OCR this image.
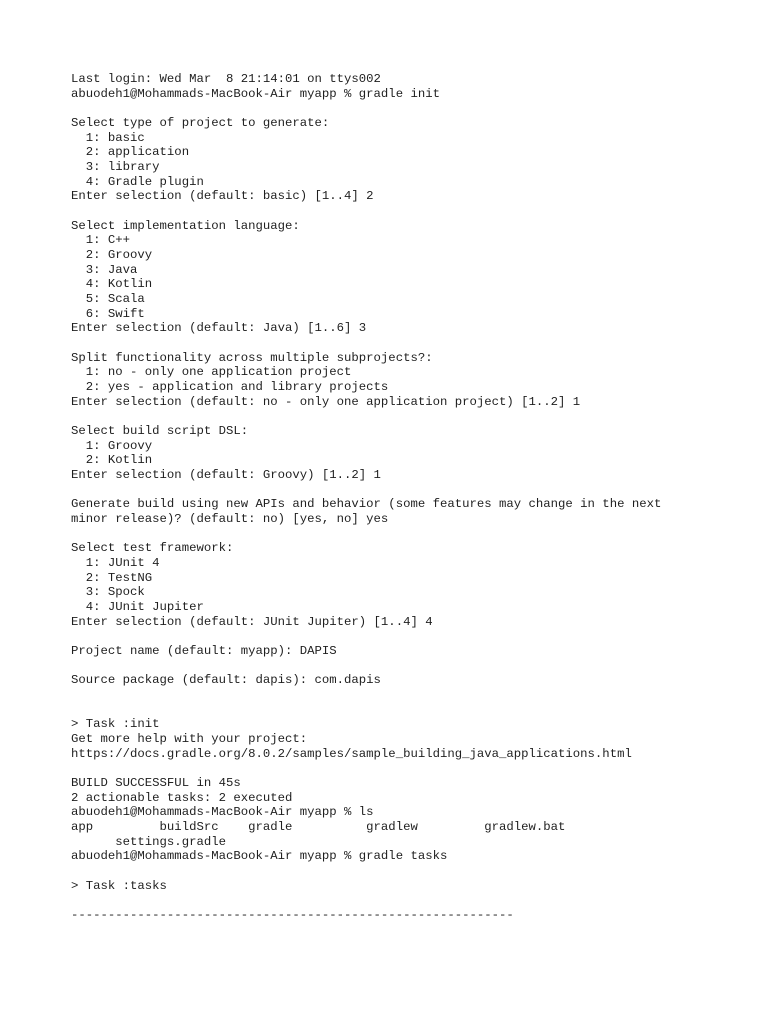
Last login: Wed Mar  8 21:14:01 on ttys002
abuodeh1@Mohammads-MacBook-Air myapp % gradle init
Select type of project to generate:
1: basic
2: application
3: library
4: Gradle plugin
Enter selection (default: basic) [1..4] 2
Select implementation language:
1: C++
2: Groovy
3: Java
4: Kotlin
5: Scala
6: Swift
Enter selection (default: Java) [1..6] 3
Split functionality across multiple subprojects?:
1: no - only one application project
2: yes - application and library projects
Enter selection (default: no - only one application project) [1..2] 1
Select build script DSL:
1: Groovy
2: Kotlin
Enter selection (default: Groovy) [1..2] 1
Generate build using new APIs and behavior (some features may change in the next
minor release)? (default: no) [yes, no] yes
Select test framework:
1: JUnit 4
2: TestNG
3: Spock
4: JUnit Jupiter
Enter selection (default: JUnit Jupiter) [1..4] 4
Project name (default: myapp): DAPIS
Source package (default: dapis): com.dapis
> Task :init
Get more help with your project:
https://docs.gradle.org/8.0.2/samples/sample_building_java_applications.html
BUILD SUCCESSFUL in 45s
2 actionable tasks: 2 executed
abuodeh1@Mohammads-MacBook-Air myapp % ls
app         buildSrc    gradle          gradlew         gradlew.bat
settings.gradle
abuodeh1@Mohammads-MacBook-Air myapp % gradle tasks
> Task :tasks
------------------------------------------------------------
